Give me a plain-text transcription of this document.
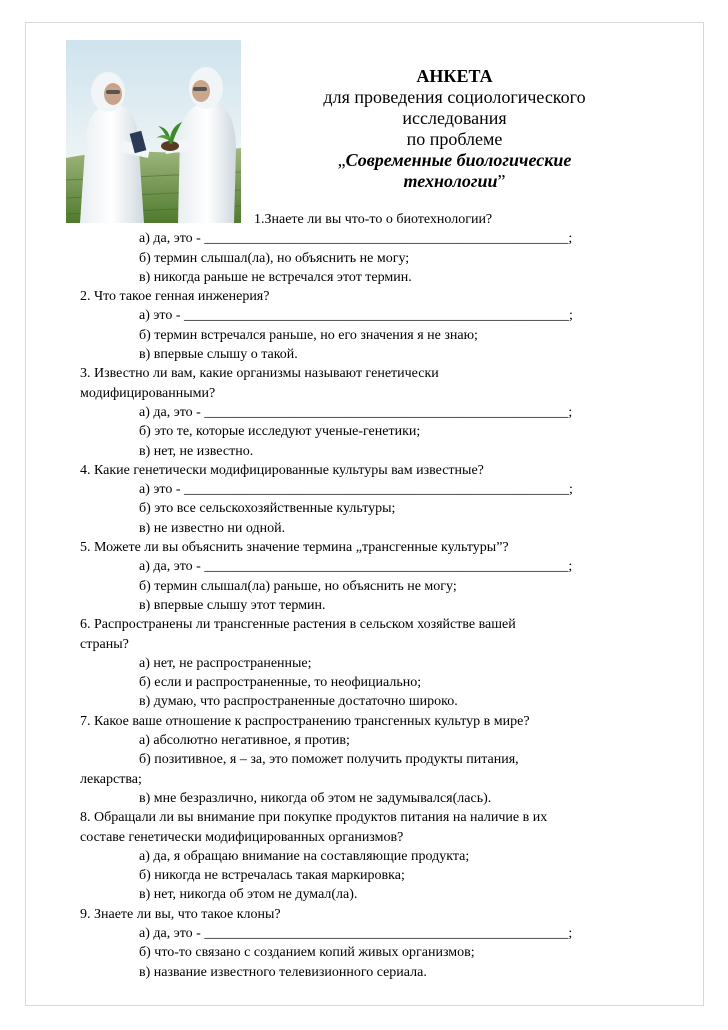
АНКЕТА
для проведения социологического
исследования
по проблеме
„Современные биологические
технологии”
1.Знаете ли вы что-то о биотехнологии?
а) да, это - ____________________________________________________;
б) термин слышал(ла), но объяснить не могу;
в) никогда раньше не встречался этот термин.
2. Что такое генная инженерия?
а) это - _______________________________________________________;
б) термин встречался раньше, но его значения я не знаю;
в) впервые слышу о такой.
3. Известно ли вам, какие организмы называют генетически
модифицированными?
а) да, это - ____________________________________________________;
б) это те, которые исследуют ученые-генетики;
в) нет, не известно.
4. Какие генетически модифицированные культуры вам известные?
а) это - _______________________________________________________;
б) это все сельскохозяйственные культуры;
в) не известно ни одной.
5. Можете ли вы объяснить значение термина „трансгенные культуры”?
а) да, это - ____________________________________________________;
б) термин слышал(ла) раньше, но объяснить не могу;
в) впервые слышу этот термин.
6. Распространены ли трансгенные растения в сельском хозяйстве вашей
страны?
а) нет, не распространенные;
б) если и распространенные, то неофициально;
в) думаю, что распространенные достаточно широко.
7. Какое ваше отношение к распространению трансгенных культур в мире?
а) абсолютно негативное, я против;
б) позитивное, я – за, это поможет получить продукты питания,
лекарства;
в) мне безразлично, никогда об этом не задумывался(лась).
8. Обращали ли вы внимание при покупке продуктов питания на наличие в их
составе генетически модифицированных организмов?
а) да, я обращаю внимание на составляющие продукта;
б) никогда не встречалась такая маркировка;
в) нет, никогда об этом не думал(ла).
9. Знаете ли вы, что такое клоны?
а) да, это - ____________________________________________________;
б) что-то связано с созданием копий живых организмов;
в) название известного телевизионного сериала.
